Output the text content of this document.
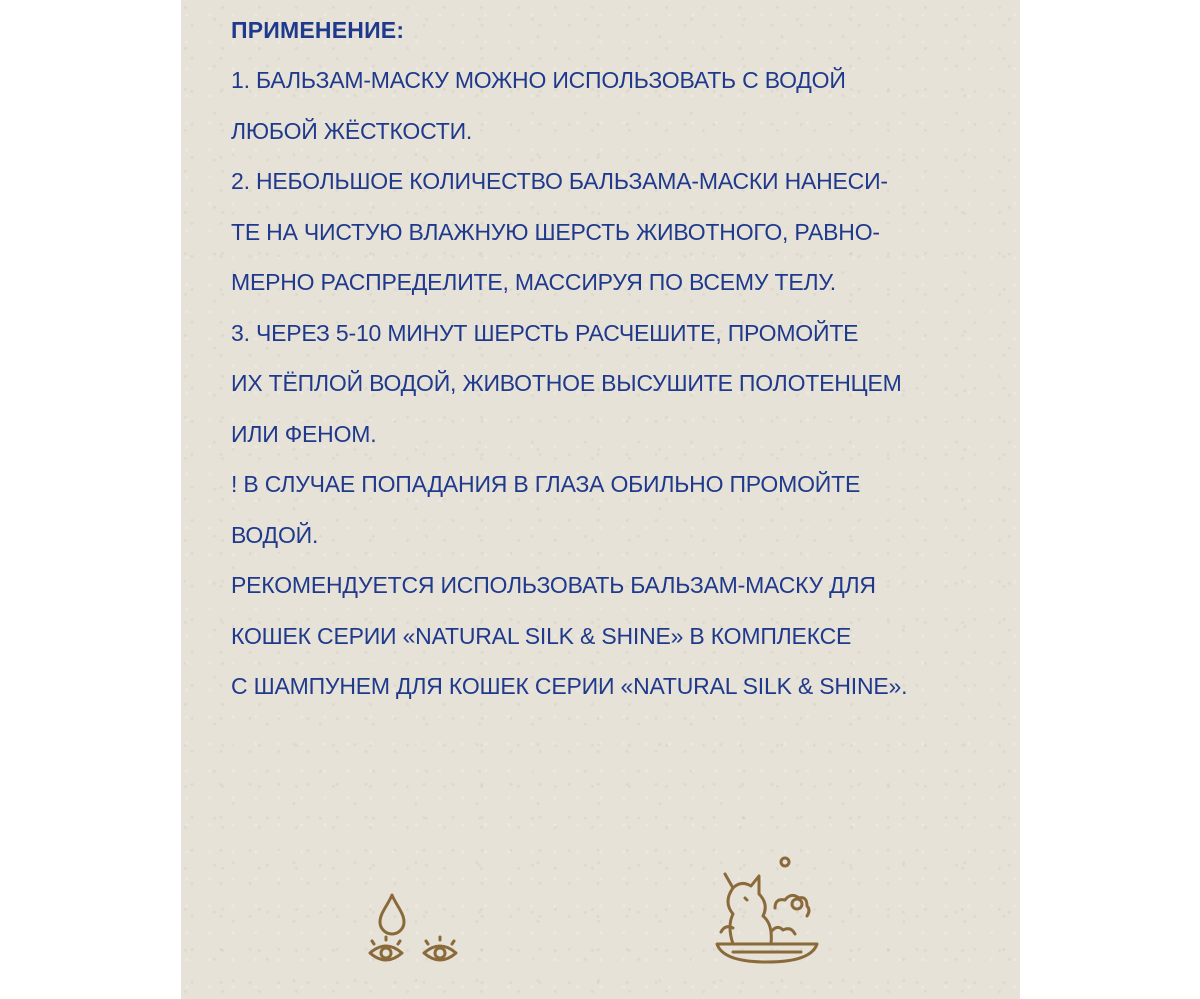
ПРИМЕНЕНИЕ:
1. БАЛЬЗАМ-МАСКУ МОЖНО ИСПОЛЬЗОВАТЬ С ВОДОЙ
ЛЮБОЙ ЖЁСТКОСТИ.
2. НЕБОЛЬШОЕ КОЛИЧЕСТВО БАЛЬЗАМА-МАСКИ НАНЕСИ-
ТЕ НА ЧИСТУЮ ВЛАЖНУЮ ШЕРСТЬ ЖИВОТНОГО, РАВНО-
МЕРНО РАСПРЕДЕЛИТЕ, МАССИРУЯ ПО ВСЕМУ ТЕЛУ.
3. ЧЕРЕЗ 5-10 МИНУТ ШЕРСТЬ РАСЧЕШИТЕ, ПРОМОЙТЕ
ИХ ТЁПЛОЙ ВОДОЙ, ЖИВОТНОЕ ВЫСУШИТЕ ПОЛОТЕНЦЕМ
ИЛИ ФЕНОМ.
! В СЛУЧАЕ ПОПАДАНИЯ В ГЛАЗА ОБИЛЬНО ПРОМОЙТЕ
ВОДОЙ.
РЕКОМЕНДУЕТСЯ ИСПОЛЬЗОВАТЬ БАЛЬЗАМ-МАСКУ ДЛЯ
КОШЕК СЕРИИ «NATURAL SILK & SHINE» В КОМПЛЕКСЕ
С ШАМПУНЕМ ДЛЯ КОШЕК СЕРИИ «NATURAL SILK & SHINE».
